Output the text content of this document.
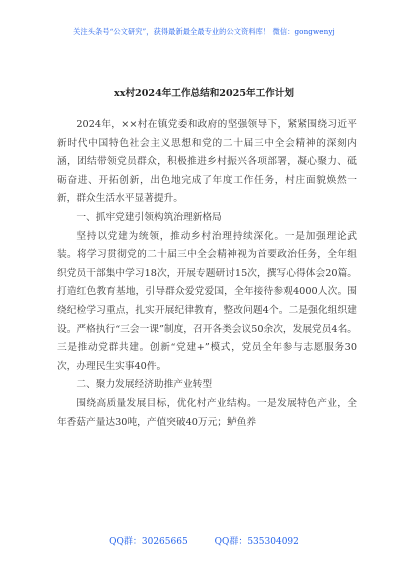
关注头条号“公文研究”，获得最新最全最专业的公文资料库！ 微信：gongwenyj
xx村2024年工作总结和2025年工作计划

2024年，××村在镇党委和政府的坚强领导下，紧紧围绕习近平新时代中国特色社会主义思想和党的二十届三中全会精神的深刻内涵，团结带领党员群众，积极推进乡村振兴各项部署，凝心聚力、砥砺奋进、开拓创新，出色地完成了年度工作任务，村庄面貌焕然一新，群众生活水平显著提升。

一、抓牢党建引领构筑治理新格局

坚持以党建为统领，推动乡村治理持续深化。一是加强理论武装。将学习贯彻党的二十届三中全会精神视为首要政治任务，全年组织党员干部集中学习18次，开展专题研讨15次，撰写心得体会20篇。打造红色教育基地，引导群众爱党爱国，全年接待参观4000人次。围绕纪检学习重点，扎实开展纪律教育，整改问题4个。二是强化组织建设。严格执行“三会一课”制度，召开各类会议50余次，发展党员4名。三是推动党群共建。创新“党建+”模式，党员全年参与志愿服务30次，办理民生实事40件。

二、聚力发展经济助推产业转型

围绕高质量发展目标，优化村产业结构。一是发展特色产业，全年香菇产量达30吨，产值突破40万元；鲈鱼养

QQ群：30265665	QQ群：535304092
